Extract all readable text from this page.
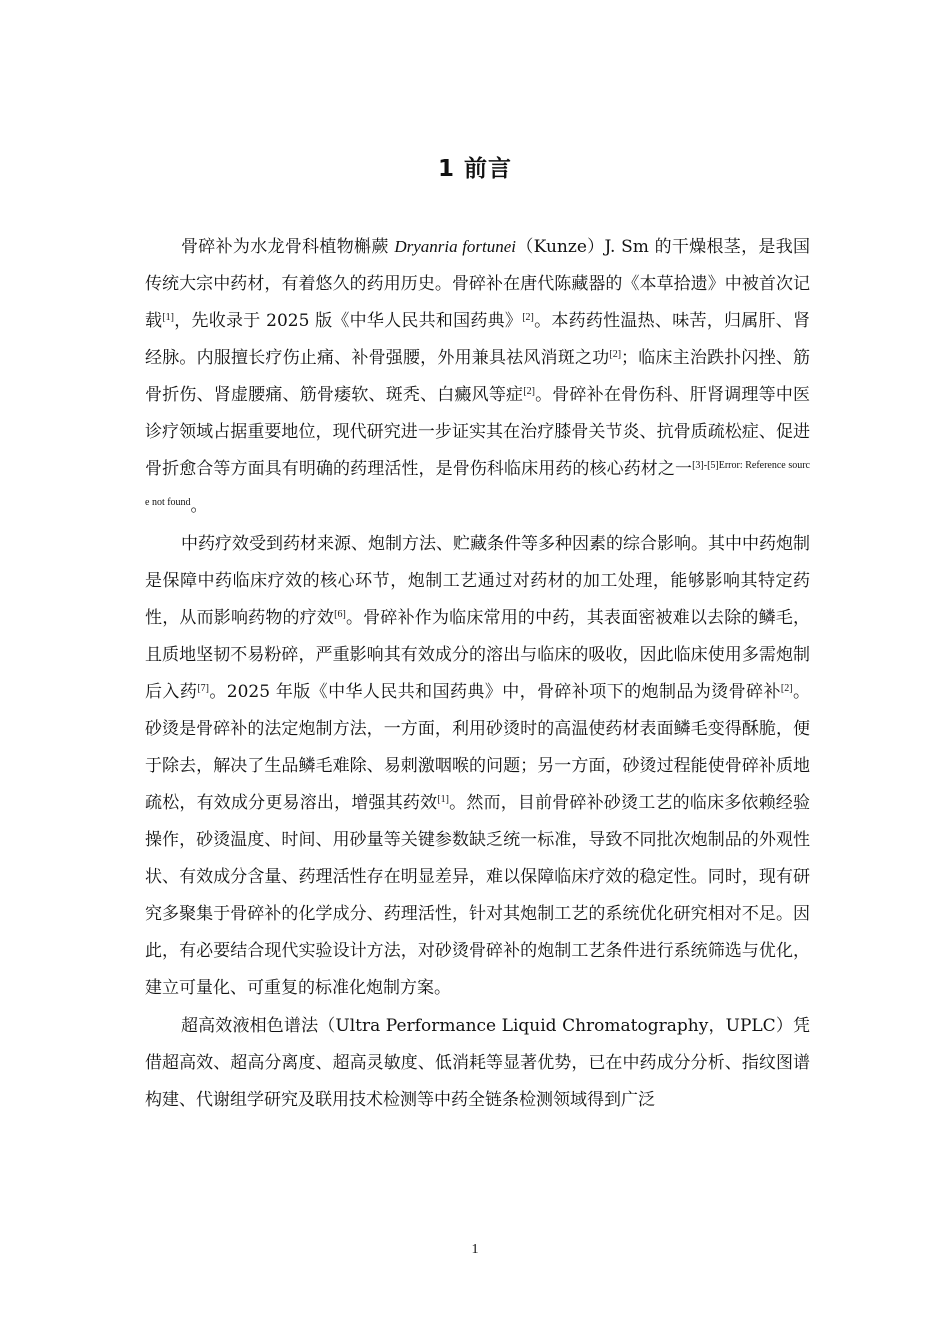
1 前言

骨碎补为水龙骨科植物槲蕨 Dryanria fortunei（Kunze）J. Sm 的干燥根茎，是我国传统大宗中药材，有着悠久的药用历史。骨碎补在唐代陈藏器的《本草拾遗》中被首次记载[1]，先收录于 2025 版《中华人民共和国药典》[2]。本药药性温热、味苦，归属肝、肾经脉。内服擅长疗伤止痛、补骨强腰，外用兼具祛风消斑之功[2]；临床主治跌扑闪挫、筋骨折伤、肾虚腰痛、筋骨痿软、斑秃、白癜风等症[2]。骨碎补在骨伤科、肝肾调理等中医诊疗领域占据重要地位，现代研究进一步证实其在治疗膝骨关节炎、抗骨质疏松症、促进骨折愈合等方面具有明确的药理活性，是骨伤科临床用药的核心药材之一$^{[3]-[5]Error: Reference source not found}$。

中药疗效受到药材来源、炮制方法、贮藏条件等多种因素的综合影响。其中中药炮制是保障中药临床疗效的核心环节，炮制工艺通过对药材的加工处理，能够影响其特定药性，从而影响药物的疗效[6]。骨碎补作为临床常用的中药，其表面密被难以去除的鳞毛，且质地坚韧不易粉碎，严重影响其有效成分的溶出与临床的吸收，因此临床使用多需炮制后入药[7]。2025 年版《中华人民共和国药典》中，骨碎补项下的炮制品为烫骨碎补[2]。砂烫是骨碎补的法定炮制方法，一方面，利用砂烫时的高温使药材表面鳞毛变得酥脆，便于除去，解决了生品鳞毛难除、易刺激咽喉的问题；另一方面，砂烫过程能使骨碎补质地疏松，有效成分更易溶出，增强其药效[1]。然而，目前骨碎补砂烫工艺的临床多依赖经验操作，砂烫温度、时间、用砂量等关键参数缺乏统一标准，导致不同批次炮制品的外观性状、有效成分含量、药理活性存在明显差异，难以保障临床疗效的稳定性。同时，现有研究多聚集于骨碎补的化学成分、药理活性，针对其炮制工艺的系统优化研究相对不足。因此，有必要结合现代实验设计方法，对砂烫骨碎补的炮制工艺条件进行系统筛选与优化，建立可量化、可重复的标准化炮制方案。

超高效液相色谱法（Ultra Performance Liquid Chromatography，UPLC）凭借超高效、超高分离度、超高灵敏度、低消耗等显著优势，已在中药成分分析、指纹图谱构建、代谢组学研究及联用技术检测等中药全链条检测领域得到广泛

1
